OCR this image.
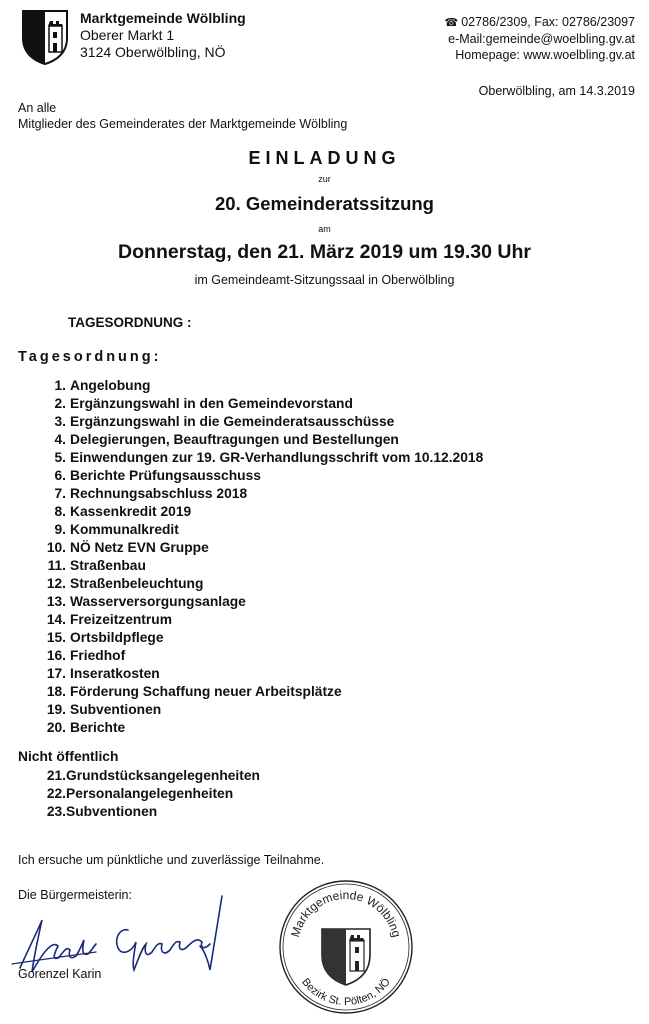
Marktgemeinde Wölbling
Oberer Markt 1
3124 Oberwölbling, NÖ
☎ 02786/2309, Fax: 02786/23097
e-Mail:gemeinde@woelbling.gv.at
Homepage: www.woelbling.gv.at
Oberwölbling, am 14.3.2019
An alle
Mitglieder des Gemeinderates der Marktgemeinde Wölbling
EINLADUNG
zur
20. Gemeinderatssitzung
am
Donnerstag, den 21. März 2019 um 19.30 Uhr
im Gemeindeamt-Sitzungssaal in Oberwölbling
TAGESORDNUNG :
Tagesordnung:
1. Angelobung
2. Ergänzungswahl in den Gemeindevorstand
3. Ergänzungswahl in die Gemeinderatsausschüsse
4. Delegierungen, Beauftragungen und Bestellungen
5. Einwendungen zur 19. GR-Verhandlungsschrift vom 10.12.2018
6. Berichte Prüfungsausschuss
7. Rechnungsabschluss 2018
8. Kassenkredit 2019
9. Kommunalkredit
10. NÖ Netz EVN Gruppe
11. Straßenbau
12. Straßenbeleuchtung
13. Wasserversorgungsanlage
14. Freizeitzentrum
15. Ortsbildpflege
16. Friedhof
17. Inseratkosten
18. Förderung Schaffung neuer Arbeitsplätze
19. Subventionen
20. Berichte
Nicht öffentlich
21. Grundstücksangelegenheiten
22. Personalangelegenheiten
23. Subventionen
Ich ersuche um pünktliche und zuverlässige Teilnahme.
Die Bürgermeisterin:
Gorenzel Karin
Marktgemeinde Wölbling
Bezirk St. Pölten, NÖ
